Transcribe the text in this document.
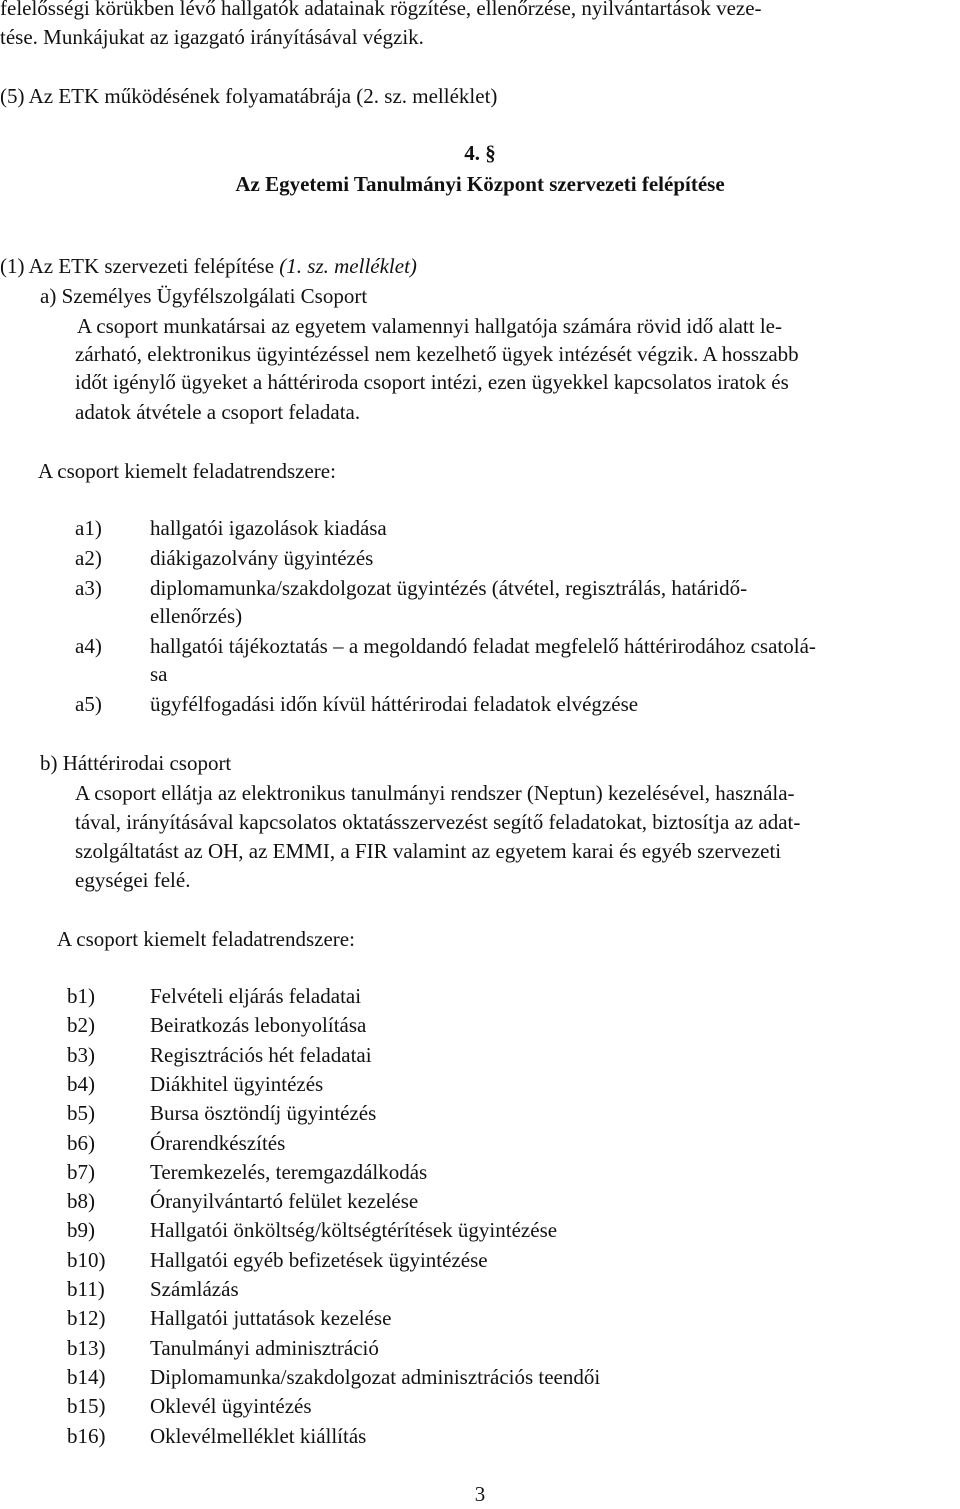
felelősségi körükben lévő hallgatók adatainak rögzítése, ellenőrzése, nyilvántartások veze-
tése. Munkájukat az igazgató irányításával végzik.
(5) Az ETK működésének folyamatábrája (2. sz. melléklet)
4. §
Az Egyetemi Tanulmányi Központ szervezeti felépítése
(1) Az ETK szervezeti felépítése (1. sz. melléklet)
a) Személyes Ügyfélszolgálati Csoport
A csoport munkatársai az egyetem valamennyi hallgatója számára rövid idő alatt le-
zárható, elektronikus ügyintézéssel nem kezelhető ügyek intézését végzik. A hosszabb
időt igénylő ügyeket a háttériroda csoport intézi, ezen ügyekkel kapcsolatos iratok és
adatok átvétele a csoport feladata.
A csoport kiemelt feladatrendszere:
a1) hallgatói igazolások kiadása
a2) diákigazolvány ügyintézés
a3) diplomamunka/szakdolgozat ügyintézés (átvétel, regisztrálás, határidő-
ellenőrzés)
a4) hallgatói tájékoztatás – a megoldandó feladat megfelelő háttérirodához csatolá-
sa
a5) ügyfélfogadási időn kívül háttérirodai feladatok elvégzése
b) Háttérirodai csoport
A csoport ellátja az elektronikus tanulmányi rendszer (Neptun) kezelésével, használa-
tával, irányításával kapcsolatos oktatásszervezést segítő feladatokat, biztosítja az adat-
szolgáltatást az OH, az EMMI, a FIR valamint az egyetem karai és egyéb szervezeti
egységei felé.
A csoport kiemelt feladatrendszere:
b1)	Felvételi eljárás feladatai
b2)	Beiratkozás lebonyolítása
b3)	Regisztrációs hét feladatai
b4)	Diákhitel ügyintézés
b5)	Bursa ösztöndíj ügyintézés
b6)	Órarendkészítés
b7)	Teremkezelés, teremgazdálkodás
b8)	Óranyilvántartó felület kezelése
b9)	Hallgatói önköltség/költségtérítések ügyintézése
b10) Hallgatói egyéb befizetések ügyintézése
b11) Számlázás
b12) Hallgatói juttatások kezelése
b13) Tanulmányi adminisztráció
b14) Diplomamunka/szakdolgozat adminisztrációs teendői
b15) Oklevél ügyintézés
b16) Oklevélmelléklet kiállítás
3
